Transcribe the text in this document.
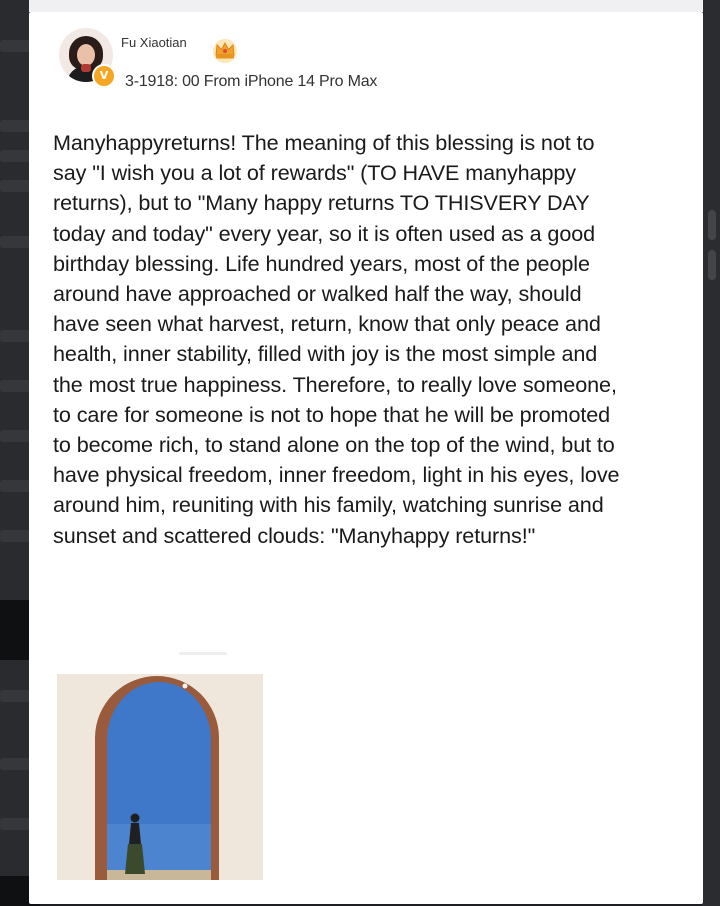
V
Fu Xiaotian
3-1918: 00 From iPhone 14 Pro Max
Manyhappyreturns! The meaning of this blessing is not to
say "I wish you a lot of rewards" (TO HAVE manyhappy
returns), but to "Many happy returns TO THISVERY DAY
today and today" every year, so it is often used as a good
birthday blessing. Life hundred years, most of the people
around have approached or walked half the way, should
have seen what harvest, return, know that only peace and
health, inner stability, filled with joy is the most simple and
the most true happiness. Therefore, to really love someone,
to care for someone is not to hope that he will be promoted
to become rich, to stand alone on the top of the wind, but to
have physical freedom, inner freedom, light in his eyes, love
around him, reuniting with his family, watching sunrise and
sunset and scattered clouds: "Manyhappy returns!"
